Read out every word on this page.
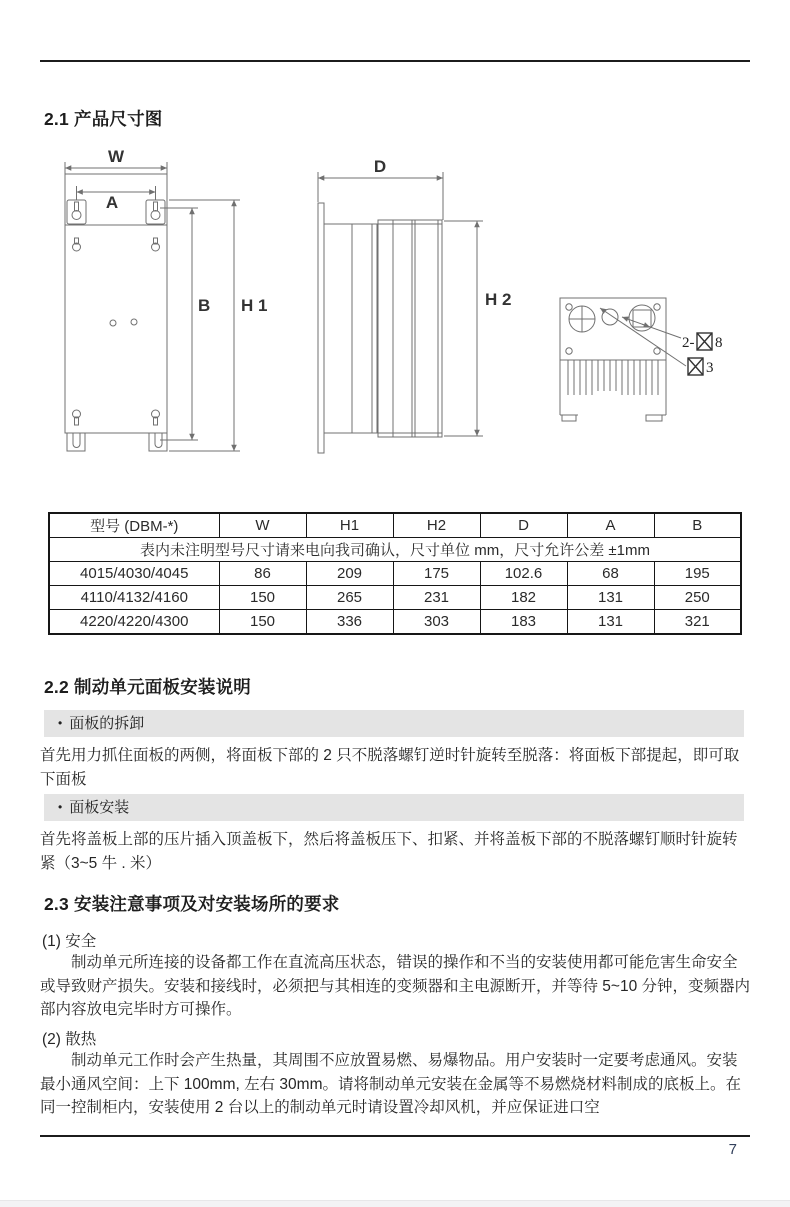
2.1 产品尺寸图
W
A
B H 1
D
H 2
2- 8
3
型号 (DBM-*)	W	H1	H2	D	A	B
表内未注明型号尺寸请来电向我司确认，尺寸单位 mm，尺寸允许公差 ±1mm						
4015/4030/4045	86	209	175	102.6	68	195
4110/4132/4160	150	265	231	182	131	250
4220/4220/4300	150	336	303	183	131	321
2.2 制动单元面板安装说明
• 面板的拆卸
首先用力抓住面板的两侧，将面板下部的 2 只不脱落螺钉逆时针旋转至脱落：将面板下部提起，即可取下面板
• 面板安装
首先将盖板上部的压片插入顶盖板下，然后将盖板压下、扣紧、并将盖板下部的不脱落螺钉顺时针旋转紧（3~5 牛 . 米）
2.3 安装注意事项及对安装场所的要求
(1) 安全
制动单元所连接的设备都工作在直流高压状态，错误的操作和不当的安装使用都可能危害生命安全或导致财产损失。安装和接线时，必须把与其相连的变频器和主电源断开，并等待 5~10 分钟，变频器内部内容放电完毕时方可操作。
(2) 散热
制动单元工作时会产生热量，其周围不应放置易燃、易爆物品。用户安装时一定要考虑通风。安装最小通风空间：上下 100mm, 左右 30mm。请将制动单元安装在金属等不易燃烧材料制成的底板上。在同一控制柜内，安装使用 2 台以上的制动单元时请设置冷却风机，并应保证进口空
7
